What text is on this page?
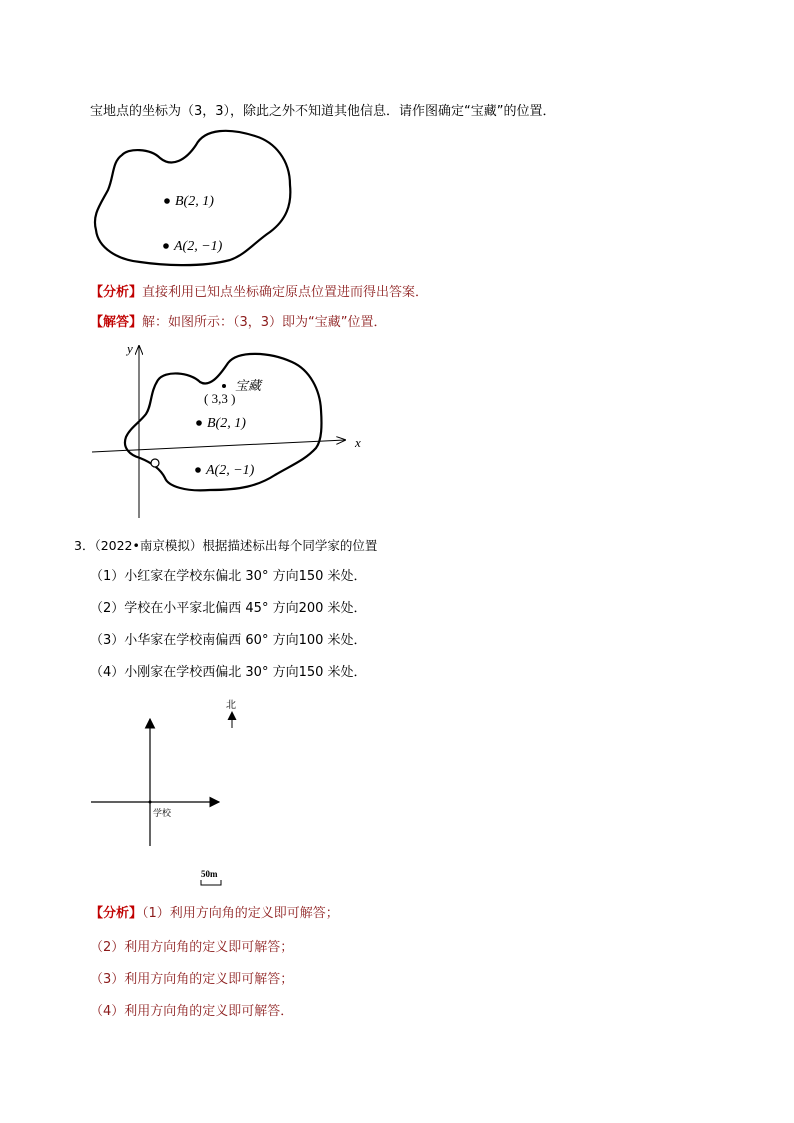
宝地点的坐标为（3，3），除此之外不知道其他信息．请作图确定“宝藏”的位置．
B(2, 1)
A(2, −1)
【分析】直接利用已知点坐标确定原点位置进而得出答案．
【解答】解：如图所示：（3，3）即为“宝藏”位置．
y
x
宝藏
( 3,3 )
B(2, 1)
A(2, −1)
3．（2022•南京模拟）根据描述标出每个同学家的位置
（1）小红家在学校东偏北 30° 方向150 米处．
（2）学校在小平家北偏西 45° 方向200 米处．
（3）小华家在学校南偏西 60° 方向100 米处．
（4）小刚家在学校西偏北 30° 方向150 米处．
北
学校
50m
【分析】（1）利用方向角的定义即可解答；
（2）利用方向角的定义即可解答；
（3）利用方向角的定义即可解答；
（4）利用方向角的定义即可解答．
